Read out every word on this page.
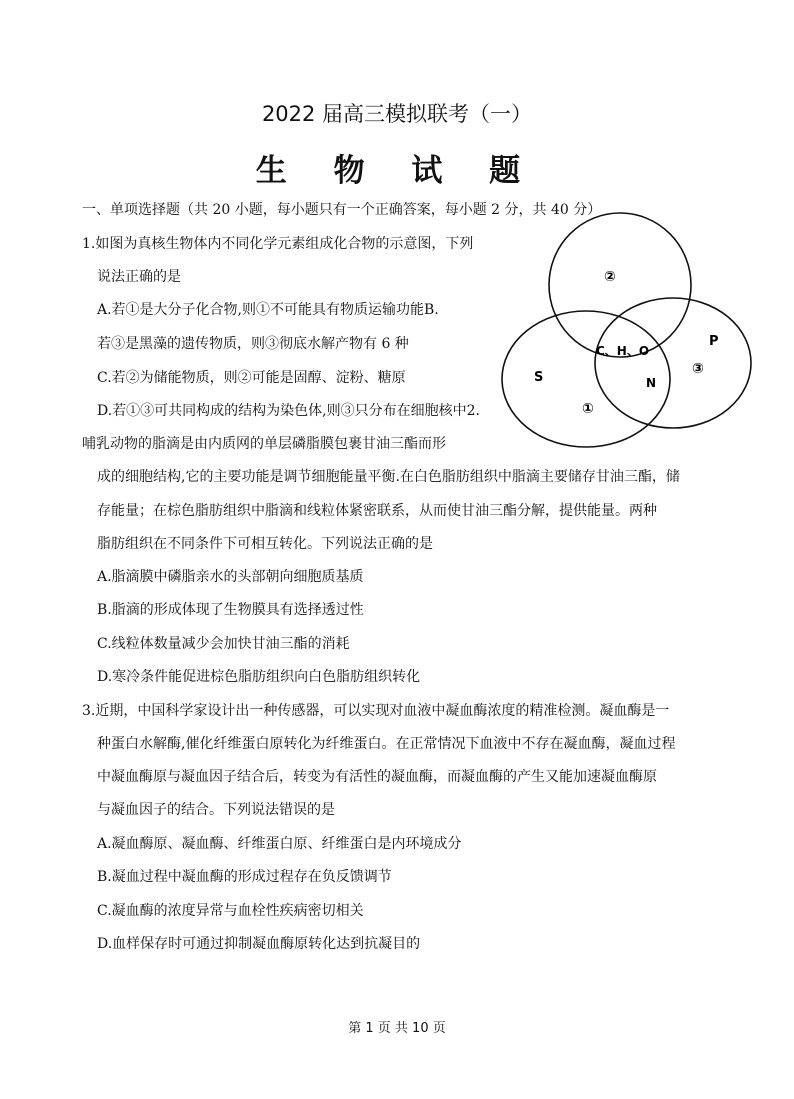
2022 届高三模拟联考（一）
生 物 试 题
一、单项选择题（共 20 小题，每小题只有一个正确答案，每小题 2 分，共 40 分）
1.如图为真核生物体内不同化学元素组成化合物的示意图，下列
说法正确的是
A.若①是大分子化合物,则①不可能具有物质运输功能B.
若③是黑藻的遗传物质，则③彻底水解产物有 6 种
C.若②为储能物质，则②可能是固醇、淀粉、糖原
D.若①③可共同构成的结构为染色体,则③只分布在细胞核中2.
②
C、H、O
N
S
P
③
①
哺乳动物的脂滴是由内质网的单层磷脂膜包裹甘油三酯而形
成的细胞结构,它的主要功能是调节细胞能量平衡.在白色脂肪组织中脂滴主要储存甘油三酯，储
存能量；在棕色脂肪组织中脂滴和线粒体紧密联系，从而使甘油三酯分解，提供能量。两种
脂肪组织在不同条件下可相互转化。下列说法正确的是
A.脂滴膜中磷脂亲水的头部朝向细胞质基质
B.脂滴的形成体现了生物膜具有选择透过性
C.线粒体数量减少会加快甘油三酯的消耗
D.寒冷条件能促进棕色脂肪组织向白色脂肪组织转化
3.近期，中国科学家设计出一种传感器，可以实现对血液中凝血酶浓度的精准检测。凝血酶是一
种蛋白水解酶,催化纤维蛋白原转化为纤维蛋白。在正常情况下血液中不存在凝血酶，凝血过程
中凝血酶原与凝血因子结合后，转变为有活性的凝血酶，而凝血酶的产生又能加速凝血酶原
与凝血因子的结合。下列说法错误的是
A.凝血酶原、凝血酶、纤维蛋白原、纤维蛋白是内环境成分
B.凝血过程中凝血酶的形成过程存在负反馈调节
C.凝血酶的浓度异常与血栓性疾病密切相关
D.血样保存时可通过抑制凝血酶原转化达到抗凝目的
第 1 页 共 10 页
